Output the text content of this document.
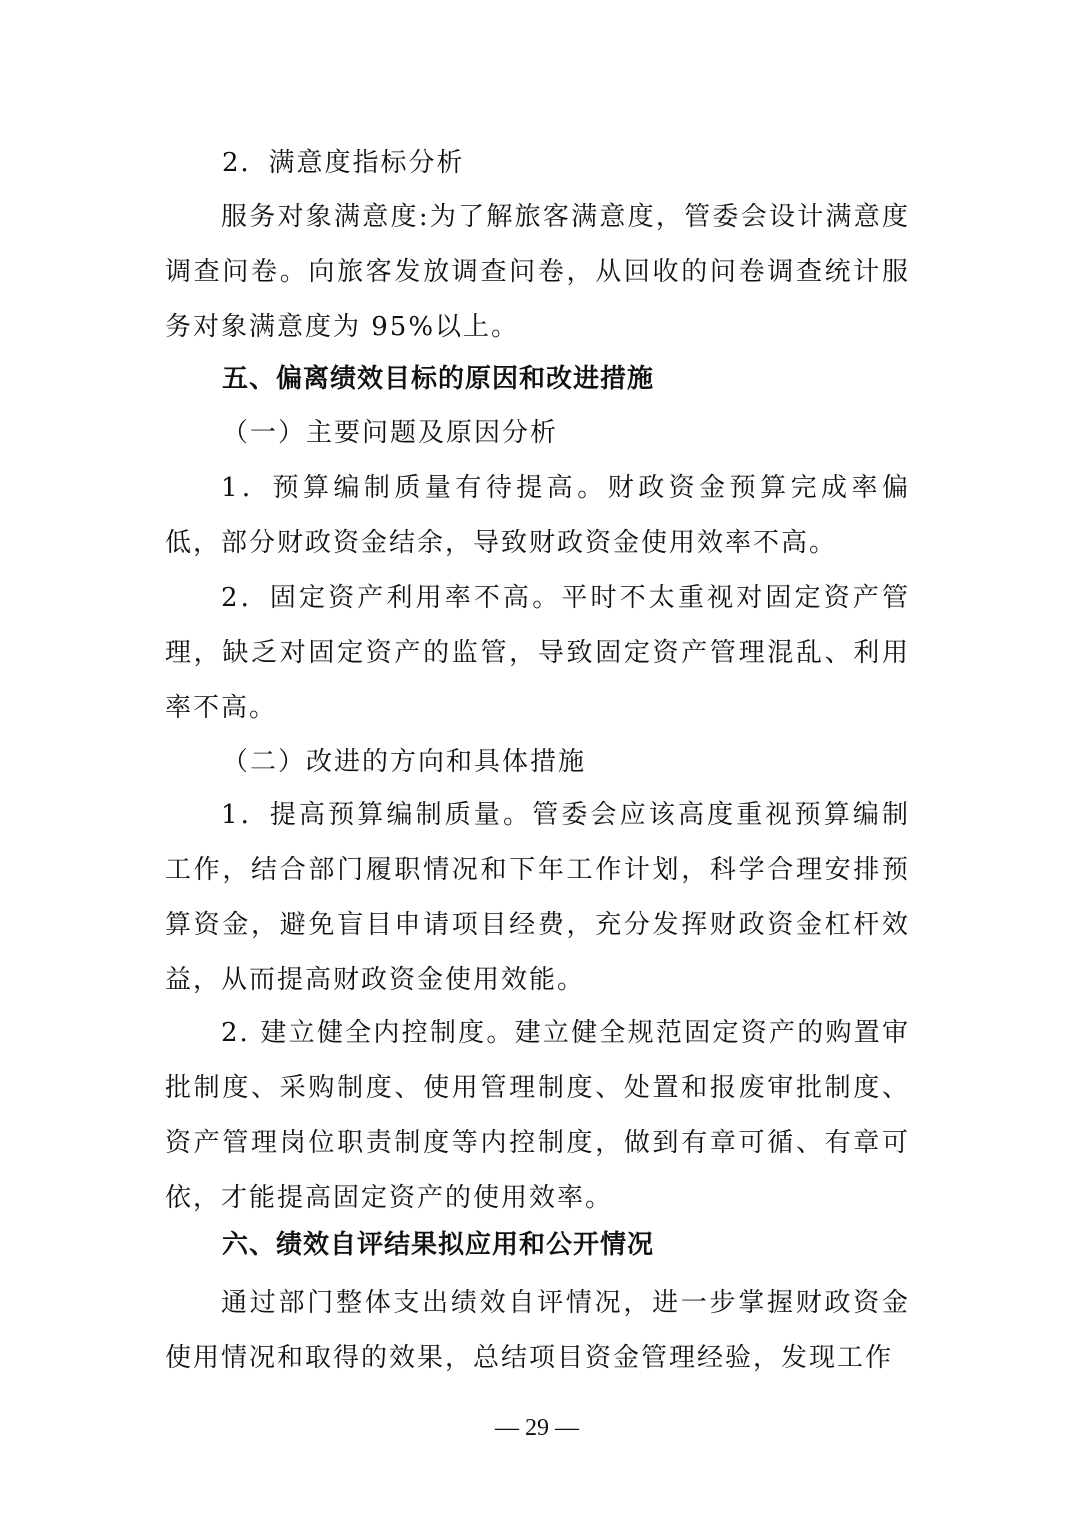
2．满意度指标分析

服务对象满意度:为了解旅客满意度，管委会设计满意度调查问卷。向旅客发放调查问卷，从回收的问卷调查统计服务对象满意度为 95%以上。

五、偏离绩效目标的原因和改进措施

（一）主要问题及原因分析

1．预算编制质量有待提高。财政资金预算完成率偏低，部分财政资金结余，导致财政资金使用效率不高。

2．固定资产利用率不高。平时不太重视对固定资产管理，缺乏对固定资产的监管，导致固定资产管理混乱、利用率不高。

（二）改进的方向和具体措施

1．提高预算编制质量。管委会应该高度重视预算编制工作，结合部门履职情况和下年工作计划，科学合理安排预算资金，避免盲目申请项目经费，充分发挥财政资金杠杆效益，从而提高财政资金使用效能。

2. 建立健全内控制度。建立健全规范固定资产的购置审批制度、采购制度、使用管理制度、处置和报废审批制度、资产管理岗位职责制度等内控制度，做到有章可循、有章可依，才能提高固定资产的使用效率。

六、绩效自评结果拟应用和公开情况

通过部门整体支出绩效自评情况，进一步掌握财政资金使用情况和取得的效果，总结项目资金管理经验，发现工作

— 29 —
